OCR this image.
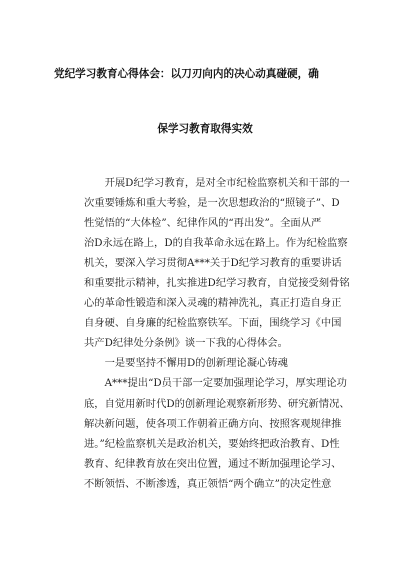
党纪学习教育心得体会：以刀刃向内的决心动真碰硬，确
保学习教育取得实效
　　开展D纪学习教育，是对全市纪检监察机关和干部的一
次重要锤炼和重大考验，是一次思想政治的“照镜子”、D
性觉悟的“大体检”、纪律作风的“再出发”。全面从严
治D永远在路上，D的自我革命永远在路上。作为纪检监察
机关，要深入学习贯彻A***关于D纪学习教育的重要讲话
和重要批示精神，扎实推进D纪学习教育，自觉接受刻骨铭
心的革命性锻造和深入灵魂的精神洗礼，真正打造自身正
自身硬、自身廉的纪检监察铁军。下面，围绕学习《中国
共产D纪律处分条例》谈一下我的心得体会。
　　一是要坚持不懈用D的创新理论凝心铸魂
　　A***提出“D员干部一定要加强理论学习，厚实理论功
底，自觉用新时代D的创新理论观察新形势、研究新情况、
解决新问题，使各项工作朝着正确方向、按照客观规律推
进。”纪检监察机关是政治机关，要始终把政治教育、D性
教育、纪律教育放在突出位置，通过不断加强理论学习、
不断领悟、不断渗透，真正领悟“两个确立”的决定性意
